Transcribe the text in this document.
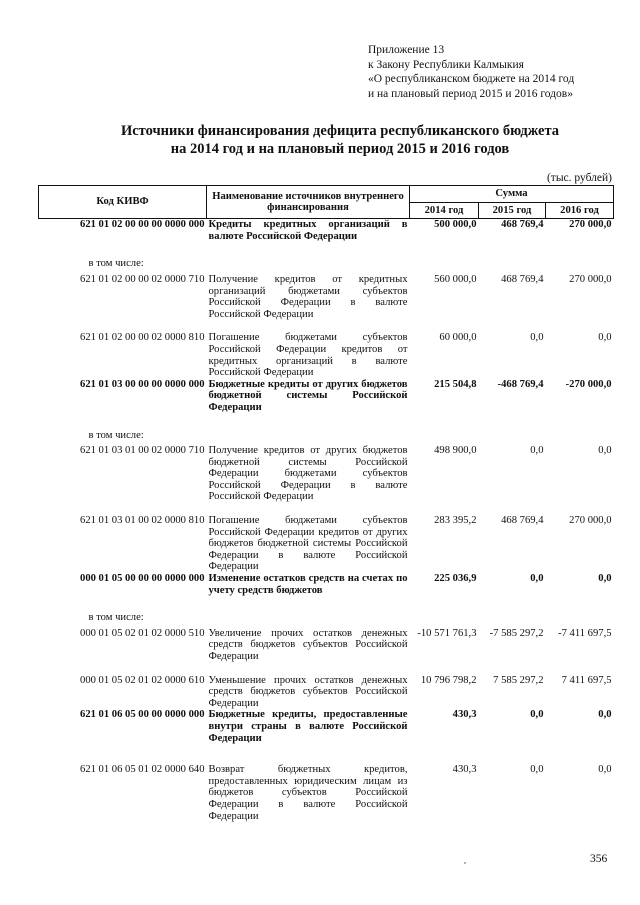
Приложение 13
к Закону Республики Калмыкия
«О республиканском бюджете на 2014 год
и на плановый период 2015 и 2016 годов»
Источники финансирования дефицита республиканского бюджета
на 2014 год и на плановый период 2015 и 2016 годов
(тыс. рублей)
Код КИВФ	Наименование источников внутреннего финансирования	Сумма		
		2014 год	2015 год	2016 год
621 01 02 00 00 00 0000 000	Кредиты кредитных организаций в валюте Российской Федерации	500 000,0	468 769,4	270 000,0
в том числе:				
621 01 02 00 00 02 0000 710	Получение кредитов от кредитных организаций бюджетами субъектов Российской Федерации в валюте Российской Федерации	560 000,0	468 769,4	270 000,0
621 01 02 00 00 02 0000 810	Погашение бюджетами субъектов Российской Федерации кредитов от кредитных организаций в валюте Российской Федерации	60 000,0	0,0	0,0
621 01 03 00 00 00 0000 000	Бюджетные кредиты от других бюджетов бюджетной системы Российской Федерации	215 504,8	-468 769,4	-270 000,0
в том числе:				
621 01 03 01 00 02 0000 710	Получение кредитов от других бюджетов бюджетной системы Российской Федерации бюджетами субъектов Российской Федерации в валюте Российской Федерации	498 900,0	0,0	0,0
621 01 03 01 00 02 0000 810	Погашение бюджетами субъектов Российской Федерации кредитов от других бюджетов бюджетной системы Российской Федерации в валюте Российской Федерации	283 395,2	468 769,4	270 000,0
000 01 05 00 00 00 0000 000	Изменение остатков средств на счетах по учету средств бюджетов	225 036,9	0,0	0,0
в том числе:				
000 01 05 02 01 02 0000 510	Увеличение прочих остатков денежных средств бюджетов субъектов Российской Федерации	-10 571 761,3	-7 585 297,2	-7 411 697,5
000 01 05 02 01 02 0000 610	Уменьшение прочих остатков денежных средств бюджетов субъектов Российской Федерации	10 796 798,2	7 585 297,2	7 411 697,5
621 01 06 05 00 00 0000 000	Бюджетные кредиты, предоставленные внутри страны в валюте Российской Федерации	430,3	0,0	0,0
621 01 06 05 01 02 0000 640	Возврат бюджетных кредитов, предоставленных юридическим лицам из бюджетов субъектов Российской Федерации в валюте Российской Федерации	430,3	0,0	0,0
356
